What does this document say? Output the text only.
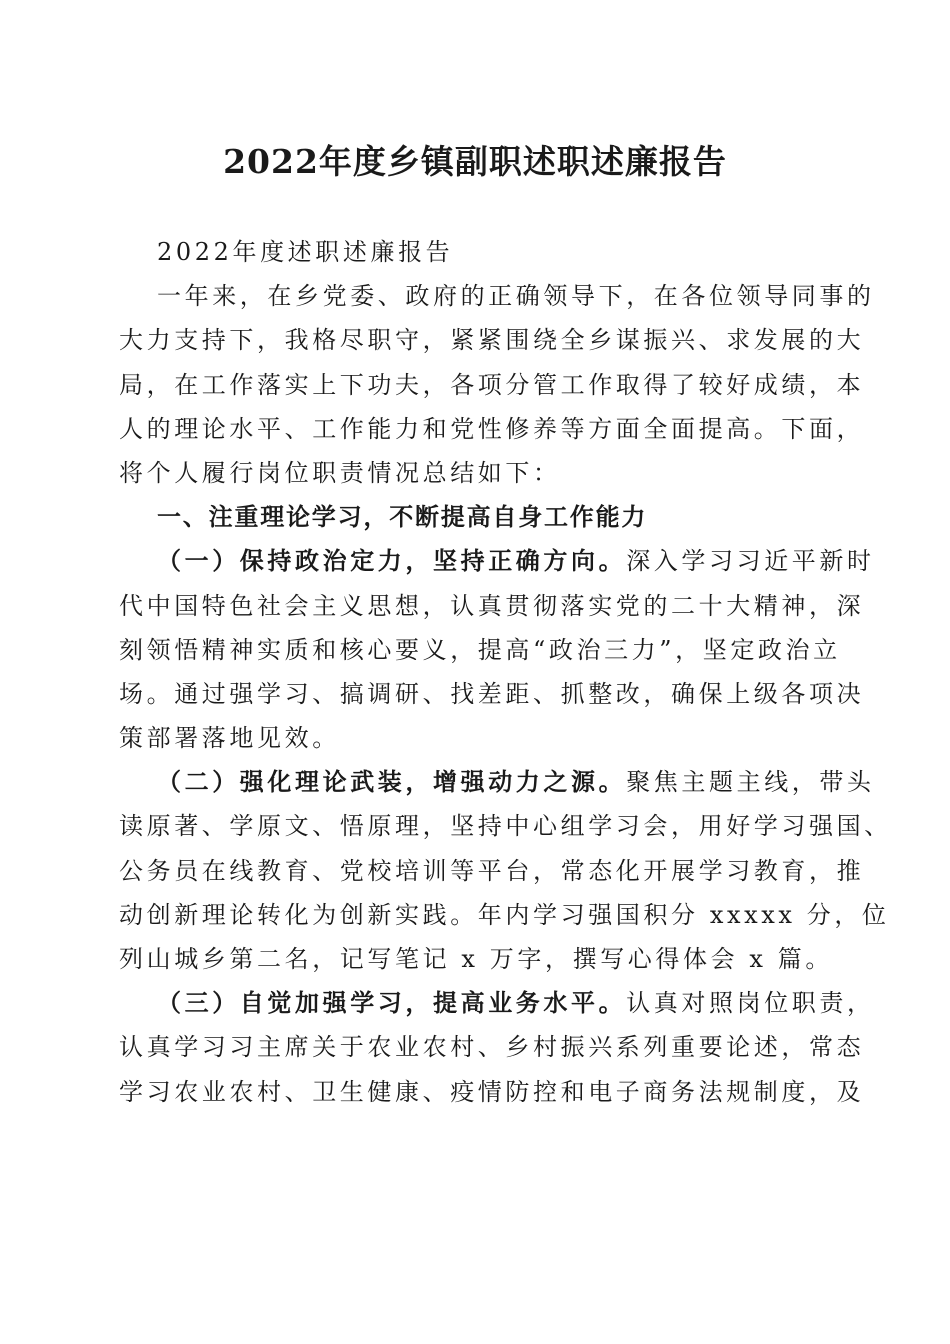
2022年度乡镇副职述职述廉报告
2022年度述职述廉报告
一年来，在乡党委、政府的正确领导下，在各位领导同事的
大力支持下，我格尽职守，紧紧围绕全乡谋振兴、求发展的大
局，在工作落实上下功夫，各项分管工作取得了较好成绩，本
人的理论水平、工作能力和党性修养等方面全面提高。下面，
将个人履行岗位职责情况总结如下：
一、注重理论学习，不断提高自身工作能力
（一）保持政治定力，坚持正确方向。深入学习习近平新时
代中国特色社会主义思想，认真贯彻落实党的二十大精神，深
刻领悟精神实质和核心要义，提高“政治三力”，坚定政治立
场。通过强学习、搞调研、找差距、抓整改，确保上级各项决
策部署落地见效。
（二）强化理论武装，增强动力之源。聚焦主题主线，带头
读原著、学原文、悟原理，坚持中心组学习会，用好学习强国、
公务员在线教育、党校培训等平台，常态化开展学习教育，推
动创新理论转化为创新实践。年内学习强国积分 xxxxx 分，位
列山城乡第二名，记写笔记 x 万字，撰写心得体会 x 篇。
（三）自觉加强学习，提高业务水平。认真对照岗位职责，
认真学习习主席关于农业农村、乡村振兴系列重要论述，常态
学习农业农村、卫生健康、疫情防控和电子商务法规制度，及
